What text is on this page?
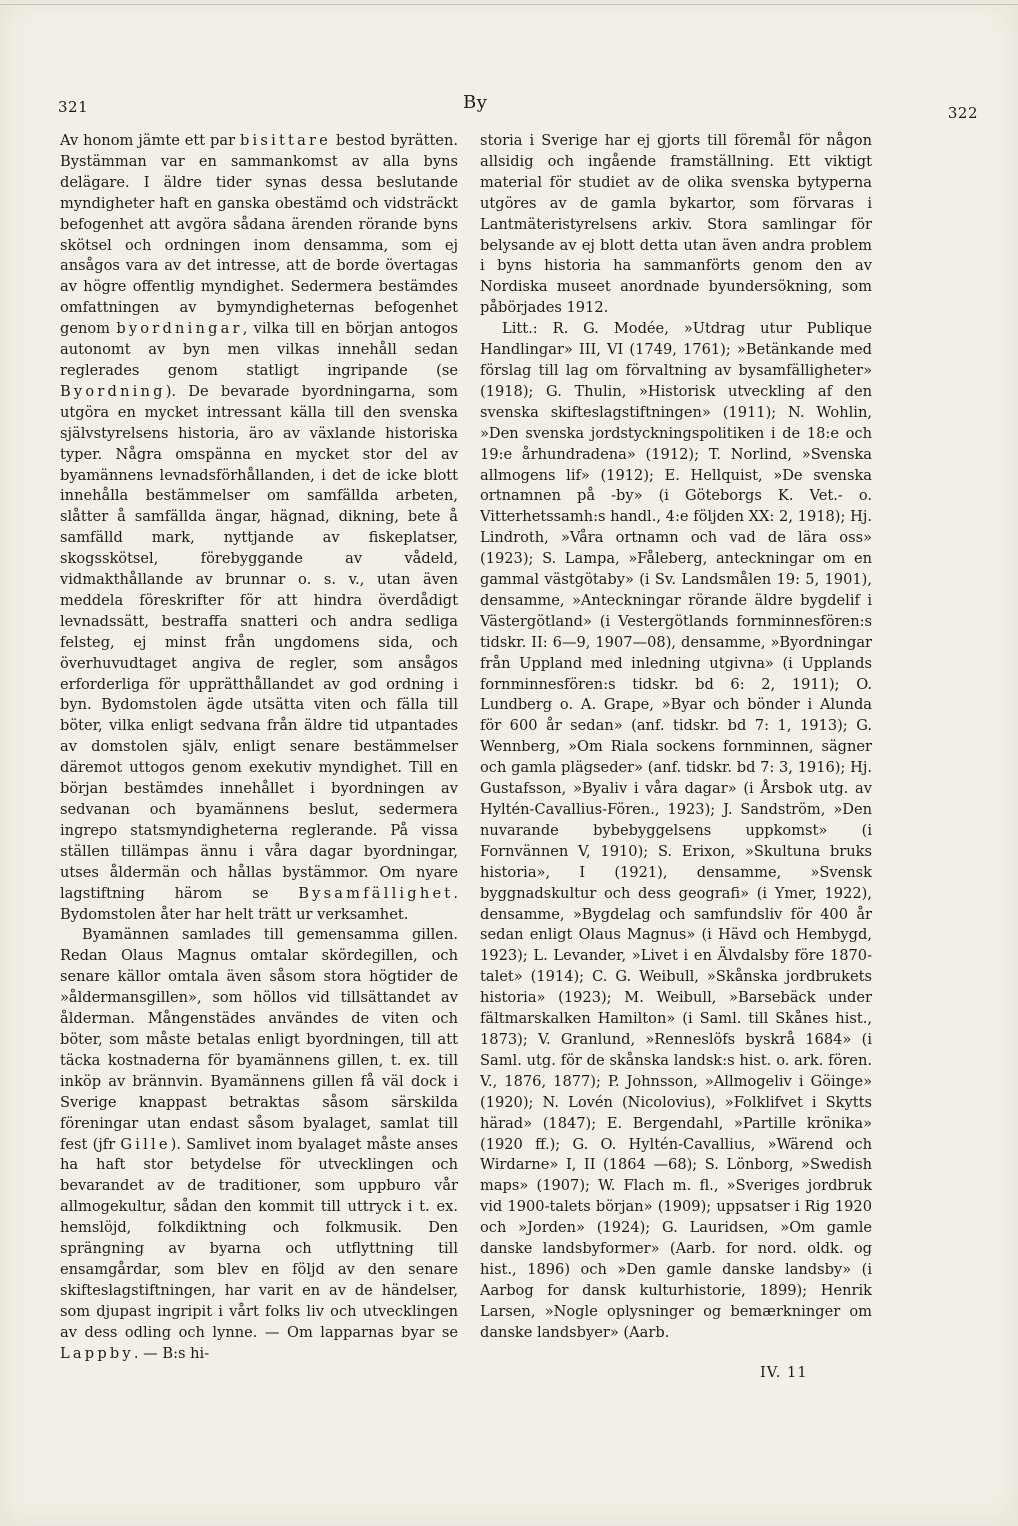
321	By	322

Av honom jämte ett par bisittare bestod byrätten. Bystämman var en sammankomst av alla byns delägare. I äldre tider synas dessa beslutande myndigheter haft en ganska obestämd och vidsträckt befogenhet att avgöra sådana ärenden rörande byns skötsel och ordningen inom densamma, som ej ansågos vara av det intresse, att de borde övertagas av högre offentlig myndighet. Sedermera bestämdes omfattningen av bymyndigheternas befogenhet genom byordningar, vilka till en början antogos autonomt av byn men vilkas innehåll sedan reglerades genom statligt ingripande (se Byordning). De bevarade byordningarna, som utgöra en mycket intressant källa till den svenska självstyrelsens historia, äro av växlande historiska typer. Några omspänna en mycket stor del av byamännens levnadsförhållanden, i det de icke blott innehålla bestämmelser om samfällda arbeten, slåtter å samfällda ängar, hägnad, dikning, bete å samfälld mark, nyttjande av fiskeplatser, skogsskötsel, förebyggande av vådeld, vidmakthållande av brunnar o. s. v., utan även meddela föreskrifter för att hindra överdådigt levnadssätt, bestraffa snatteri och andra sedliga felsteg, ej minst från ungdomens sida, och överhuvudtaget angiva de regler, som ansågos erforderliga för upprätthållandet av god ordning i byn. Bydomstolen ägde utsätta viten och fälla till böter, vilka enligt sedvana från äldre tid utpantades av domstolen själv, enligt senare bestämmelser däremot uttogos genom exekutiv myndighet. Till en början bestämdes innehållet i byordningen av sedvanan och byamännens beslut, sedermera ingrepo statsmyndigheterna reglerande. På vissa ställen tillämpas ännu i våra dagar byordningar, utses åldermän och hållas bystämmor. Om nyare lagstiftning härom se Bysamfällighet. Bydomstolen åter har helt trätt ur verksamhet.

Byamännen samlades till gemensamma gillen. Redan Olaus Magnus omtalar skördegillen, och senare källor omtala även såsom stora högtider de »åldermansgillen», som höllos vid tillsättandet av ålderman. Mångenstädes användes de viten och böter, som måste betalas enligt byordningen, till att täcka kostnaderna för byamännens gillen, t. ex. till inköp av brännvin. Byamännens gillen få väl dock i Sverige knappast betraktas såsom särskilda föreningar utan endast såsom byalaget, samlat till fest (jfr Gille). Samlivet inom byalaget måste anses ha haft stor betydelse för utvecklingen och bevarandet av de traditioner, som uppburo vår allmogekultur, sådan den kommit till uttryck i t. ex. hemslöjd, folkdiktning och folkmusik. Den sprängning av byarna och utflyttning till ensamgårdar, som blev en följd av den senare skifteslagstiftningen, har varit en av de händelser, som djupast ingripit i vårt folks liv och utvecklingen av dess odling och lynne. — Om lapparnas byar se Lappby. — B:s hi-

storia i Sverige har ej gjorts till föremål för någon allsidig och ingående framställning. Ett viktigt material för studiet av de olika svenska bytyperna utgöres av de gamla bykartor, som förvaras i Lantmäteristyrelsens arkiv. Stora samlingar för belysande av ej blott detta utan även andra problem i byns historia ha sammanförts genom den av Nordiska museet anordnade byundersökning, som påbörjades 1912.

Litt.: R. G. Modée, »Utdrag utur Publique Handlingar» III, VI (1749, 1761); »Betänkande med förslag till lag om förvaltning av bysamfälligheter» (1918); G. Thulin, »Historisk utveckling af den svenska skifteslagstiftningen» (1911); N. Wohlin, »Den svenska jordstyckningspolitiken i de 18:e och 19:e århundradena» (1912); T. Norlind, »Svenska allmogens lif» (1912); E. Hellquist, »De svenska ortnamnen på -by» (i Göteborgs K. Vet.- o. Vitterhetssamh:s handl., 4:e följden XX: 2, 1918); Hj. Lindroth, »Våra ortnamn och vad de lära oss» (1923); S. Lampa, »Fåleberg, anteckningar om en gammal västgötaby» (i Sv. Landsmålen 19: 5, 1901), densamme, »Anteckningar rörande äldre bygdelif i Västergötland» (i Vestergötlands fornminnesfören:s tidskr. II: 6—9, 1907—08), densamme, »Byordningar från Uppland med inledning utgivna» (i Upplands fornminnesfören:s tidskr. bd 6: 2, 1911); O. Lundberg o. A. Grape, »Byar och bönder i Alunda för 600 år sedan» (anf. tidskr. bd 7: 1, 1913); G. Wennberg, »Om Riala sockens fornminnen, sägner och gamla plägseder» (anf. tidskr. bd 7: 3, 1916); Hj. Gustafsson, »Byaliv i våra dagar» (i Årsbok utg. av Hyltén-Cavallius-Fören., 1923); J. Sandström, »Den nuvarande bybebyggelsens uppkomst» (i Fornvännen V, 1910); S. Erixon, »Skultuna bruks historia», I (1921), densamme, »Svensk byggnadskultur och dess geografi» (i Ymer, 1922), densamme, »Bygdelag och samfundsliv för 400 år sedan enligt Olaus Magnus» (i Hävd och Hembygd, 1923); L. Levander, »Livet i en Älvdalsby före 1870-talet» (1914); C. G. Weibull, »Skånska jordbrukets historia» (1923); M. Weibull, »Barsebäck under fältmarskalken Hamilton» (i Saml. till Skånes hist., 1873); V. Granlund, »Renneslöfs byskrå 1684» (i Saml. utg. för de skånska landsk:s hist. o. ark. fören. V., 1876, 1877); P. Johnsson, »Allmogeliv i Göinge» (1920); N. Lovén (Nicolovius), »Folklifvet i Skytts härad» (1847); E. Bergendahl, »Partille krönika» (1920 ff.); G. O. Hyltén-Cavallius, »Wärend och Wirdarne» I, II (1864 —68); S. Lönborg, »Swedish maps» (1907); W. Flach m. fl., »Sveriges jordbruk vid 1900-talets början» (1909); uppsatser i Rig 1920 och »Jorden» (1924); G. Lauridsen, »Om gamle danske landsbyformer» (Aarb. for nord. oldk. og hist., 1896) och »Den gamle danske landsby» (i Aarbog for dansk kulturhistorie, 1899); Henrik Larsen, »Nogle oplysninger og bemærkninger om danske landsbyer» (Aarb.

IV. 11
